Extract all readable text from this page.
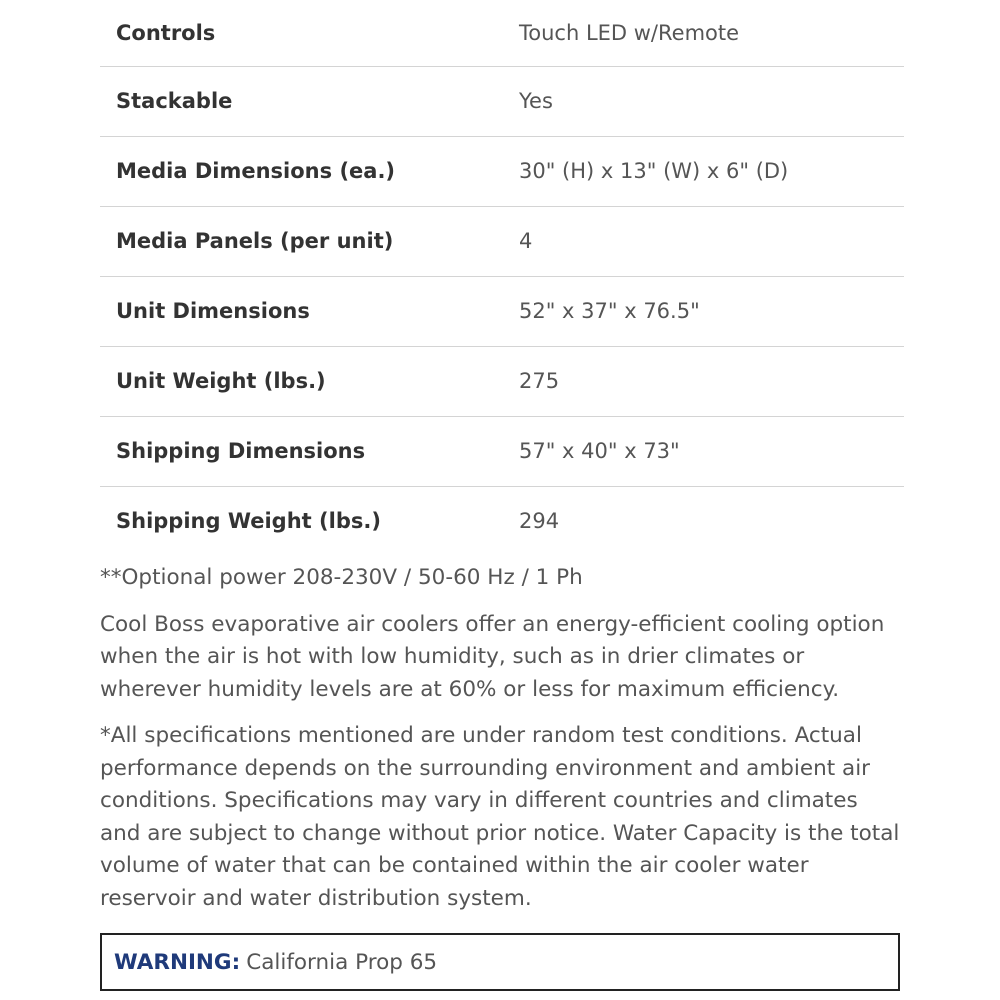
Controls	Touch LED w/Remote
Stackable	Yes
Media Dimensions (ea.)	30" (H) x 13" (W) x 6" (D)
Media Panels (per unit)	4
Unit Dimensions	52" x 37" x 76.5"
Unit Weight (lbs.)	275
Shipping Dimensions	57" x 40" x 73"
Shipping Weight (lbs.)	294

**Optional power 208-230V / 50-60 Hz / 1 Ph

Cool Boss evaporative air coolers offer an energy-efficient cooling option when the air is hot with low humidity, such as in drier climates or wherever humidity levels are at 60% or less for maximum efficiency.

*All specifications mentioned are under random test conditions. Actual performance depends on the surrounding environment and ambient air conditions. Specifications may vary in different countries and climates and are subject to change without prior notice. Water Capacity is the total volume of water that can be contained within the air cooler water reservoir and water distribution system.

WARNING: California Prop 65
